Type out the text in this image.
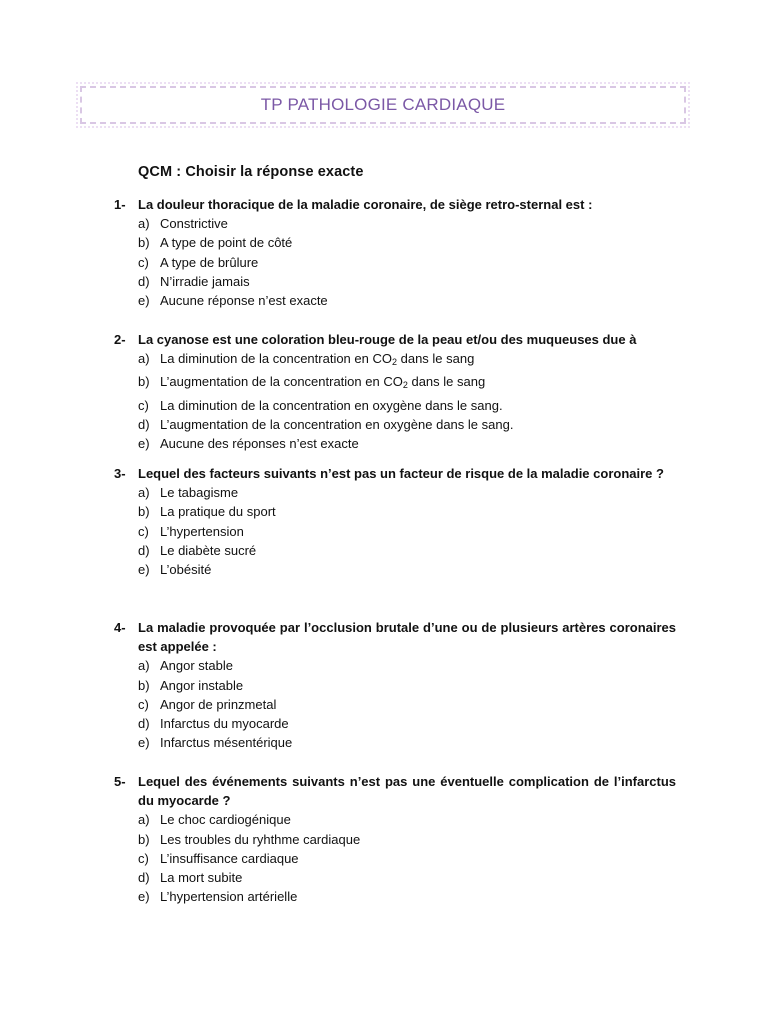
TP PATHOLOGIE CARDIAQUE
QCM : Choisir la réponse exacte
1- La douleur thoracique de la maladie coronaire, de siège retro-sternal est :
a) Constrictive
b) A type de point de côté
c) A type de brûlure
d) N’irradie jamais
e) Aucune réponse n’est exacte
2- La cyanose est une coloration bleu-rouge de la peau et/ou des muqueuses due à
a) La diminution de la concentration en $CO_2$ dans le sang
b) L’augmentation de la concentration en $CO_2$ dans le sang
c) La diminution de la concentration en oxygène dans le sang.
d) L’augmentation de la concentration en oxygène dans le sang.
e) Aucune des réponses n’est exacte
3- Lequel des facteurs suivants n’est pas un facteur de risque de la maladie coronaire ?
a) Le tabagisme
b) La pratique du sport
c) L’hypertension
d) Le diabète sucré
e) L’obésité
4- La maladie provoquée par l’occlusion brutale d’une ou de plusieurs artères coronaires est appelée :
a) Angor stable
b) Angor instable
c) Angor de prinzmetal
d) Infarctus du myocarde
e) Infarctus mésentérique
5- Lequel des événements suivants n’est pas une éventuelle complication de l’infarctus du myocarde ?
a) Le choc cardiogénique
b) Les troubles du ryhthme cardiaque
c) L’insuffisance cardiaque
d) La mort subite
e) L’hypertension artérielle
